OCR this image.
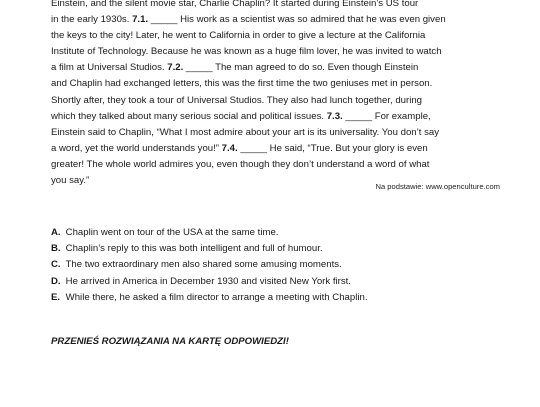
Einstein, and the silent movie star, Charlie Chaplin? It started during Einstein’s US tour
in the early 1930s. 7.1. _____ His work as a scientist was so admired that he was even given
the keys to the city! Later, he went to California in order to give a lecture at the California
Institute of Technology. Because he was known as a huge film lover, he was invited to watch
a film at Universal Studios. 7.2. _____ The man agreed to do so. Even though Einstein
and Chaplin had exchanged letters, this was the first time the two geniuses met in person.
Shortly after, they took a tour of Universal Studios. They also had lunch together, during
which they talked about many serious social and political issues. 7.3. _____ For example,
Einstein said to Chaplin, “What I most admire about your art is its universality. You don’t say
a word, yet the world understands you!” 7.4. _____ He said, “True. But your glory is even
greater! The whole world admires you, even though they don’t understand a word of what
you say.”
Na podstawie: www.openculture.com
A. Chaplin went on tour of the USA at the same time.
B. Chaplin’s reply to this was both intelligent and full of humour.
C. The two extraordinary men also shared some amusing moments.
D. He arrived in America in December 1930 and visited New York first.
E. While there, he asked a film director to arrange a meeting with Chaplin.
PRZENIEŚ ROZWIĄZANIA NA KARTĘ ODPOWIEDZI!
